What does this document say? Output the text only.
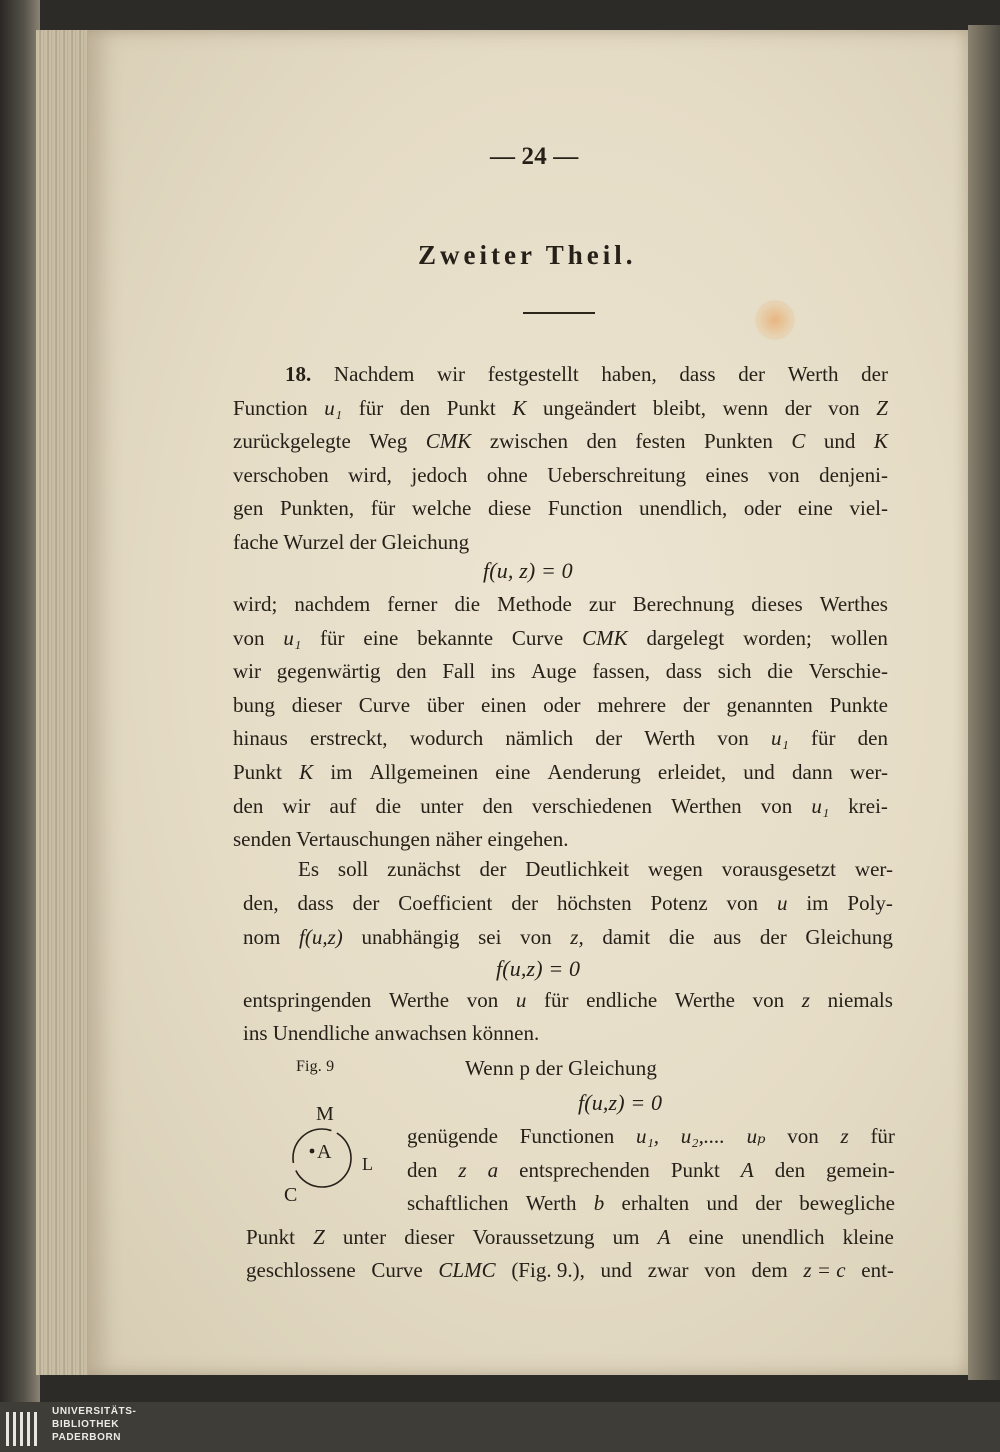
— 24 —
Zweiter Theil.
18. Nachdem wir festgestellt haben, dass der Werth der
Function u₁ für den Punkt K ungeändert bleibt, wenn der von Z
zurückgelegte Weg CMK zwischen den festen Punkten C und K
verschoben wird, jedoch ohne Ueberschreitung eines von denjeni-
gen Punkten, für welche diese Function unendlich, oder eine viel-
fache Wurzel der Gleichung
f(u, z) = 0
wird; nachdem ferner die Methode zur Berechnung dieses Werthes
von u₁ für eine bekannte Curve CMK dargelegt worden; wollen
wir gegenwärtig den Fall ins Auge fassen, dass sich die Verschie-
bung dieser Curve über einen oder mehrere der genannten Punkte
hinaus erstreckt, wodurch nämlich der Werth von u₁ für den
Punkt K im Allgemeinen eine Aenderung erleidet, und dann wer-
den wir auf die unter den verschiedenen Werthen von u₁ krei-
senden Vertauschungen näher eingehen.
Es soll zunächst der Deutlichkeit wegen vorausgesetzt wer-
den, dass der Coefficient der höchsten Potenz von u im Poly-
nom f(u,z) unabhängig sei von z, damit die aus der Gleichung
f(u,z) = 0
entspringenden Werthe von u für endliche Werthe von z niemals
ins Unendliche anwachsen können.
Fig. 9
M
A
L
C
Wenn p der Gleichung
f(u,z) = 0
genügende Functionen u₁, u₂,.... uₚ von z für
den z a entsprechenden Punkt A den gemein-
schaftlichen Werth b erhalten und der bewegliche
Punkt Z unter dieser Voraussetzung um A eine unendlich kleine
geschlossene Curve CLMC (Fig. 9.), und zwar von dem z = c ent-
UNIVERSITÄTS-
BIBLIOTHEK
PADERBORN
